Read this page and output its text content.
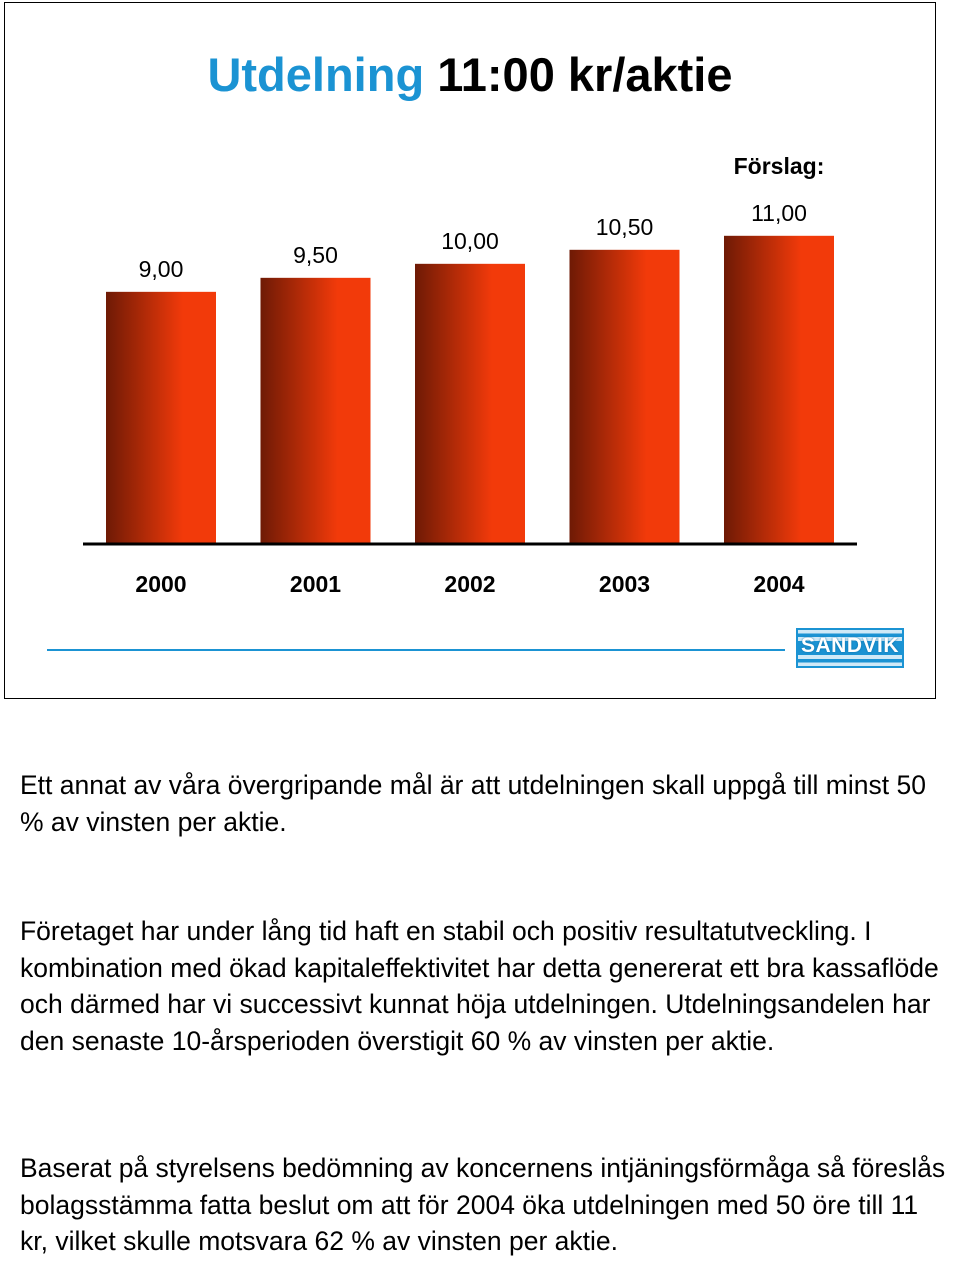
Utdelning 11:00 kr/aktie
9,00
2000
9,50
2001
10,00
2002
10,50
2003
11,00
2004
Förslag:
SANDVIK

Ett annat av våra övergripande mål är att utdelningen skall uppgå till minst 50 % av vinsten per aktie.

Företaget har under lång tid haft en stabil och positiv resultatutveckling. I kombination med ökad kapitaleffektivitet har detta genererat ett bra kassaflöde och därmed har vi successivt kunnat höja utdelningen. Utdelningsandelen har den senaste 10-årsperioden överstigit 60 % av vinsten per aktie.

Baserat på styrelsens bedömning av koncernens intjäningsförmåga så föreslås bolagsstämma fatta beslut om att för 2004 öka utdelningen med 50 öre till 11 kr, vilket skulle motsvara 62 % av vinsten per aktie.
